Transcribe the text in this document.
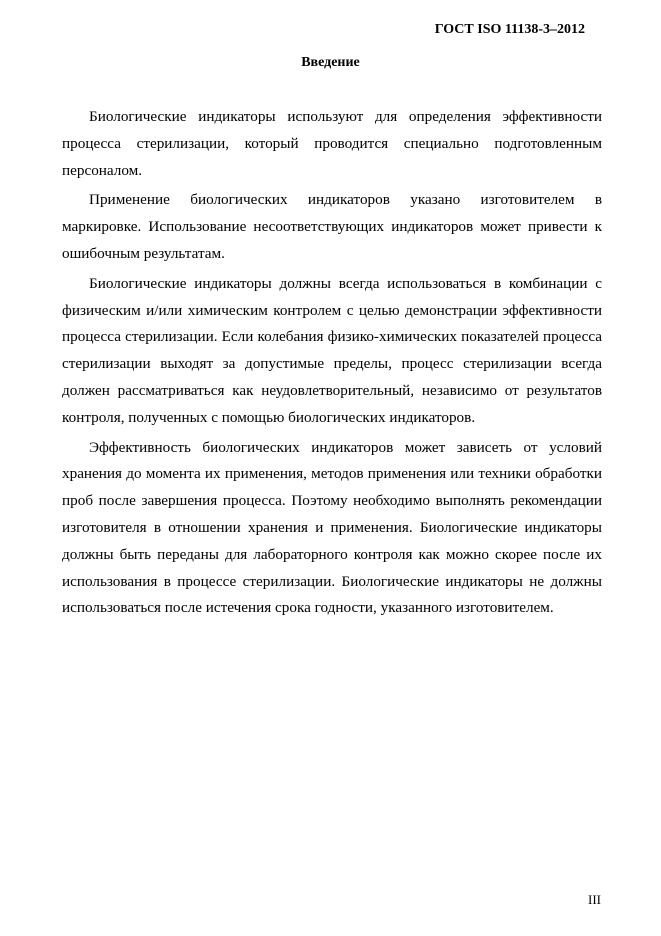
ГОСТ ISO 11138-3–2012
Введение

Биологические индикаторы используют для определения эффективности процесса стерилизации, который проводится специально подготовленным персоналом.

Применение биологических индикаторов указано изготовителем в маркировке. Использование несоответствующих индикаторов может привести к ошибочным результатам.

Биологические индикаторы должны всегда использоваться в комбинации с физическим и/или химическим контролем с целью демонстрации эффективности процесса стерилизации. Если колебания физико-химических показателей процесса стерилизации выходят за допустимые пределы, процесс стерилизации всегда должен рассматриваться как неудовлетворительный, независимо от результатов контроля, полученных с помощью биологических индикаторов.

Эффективность биологических индикаторов может зависеть от условий хранения до момента их применения, методов применения или техники обработки проб после завершения процесса. Поэтому необходимо выполнять рекомендации изготовителя в отношении хранения и применения. Биологические индикаторы должны быть переданы для лабораторного контроля как можно скорее после их использования в процессе стерилизации. Биологические индикаторы не должны использоваться после истечения срока годности, указанного изготовителем.

III
